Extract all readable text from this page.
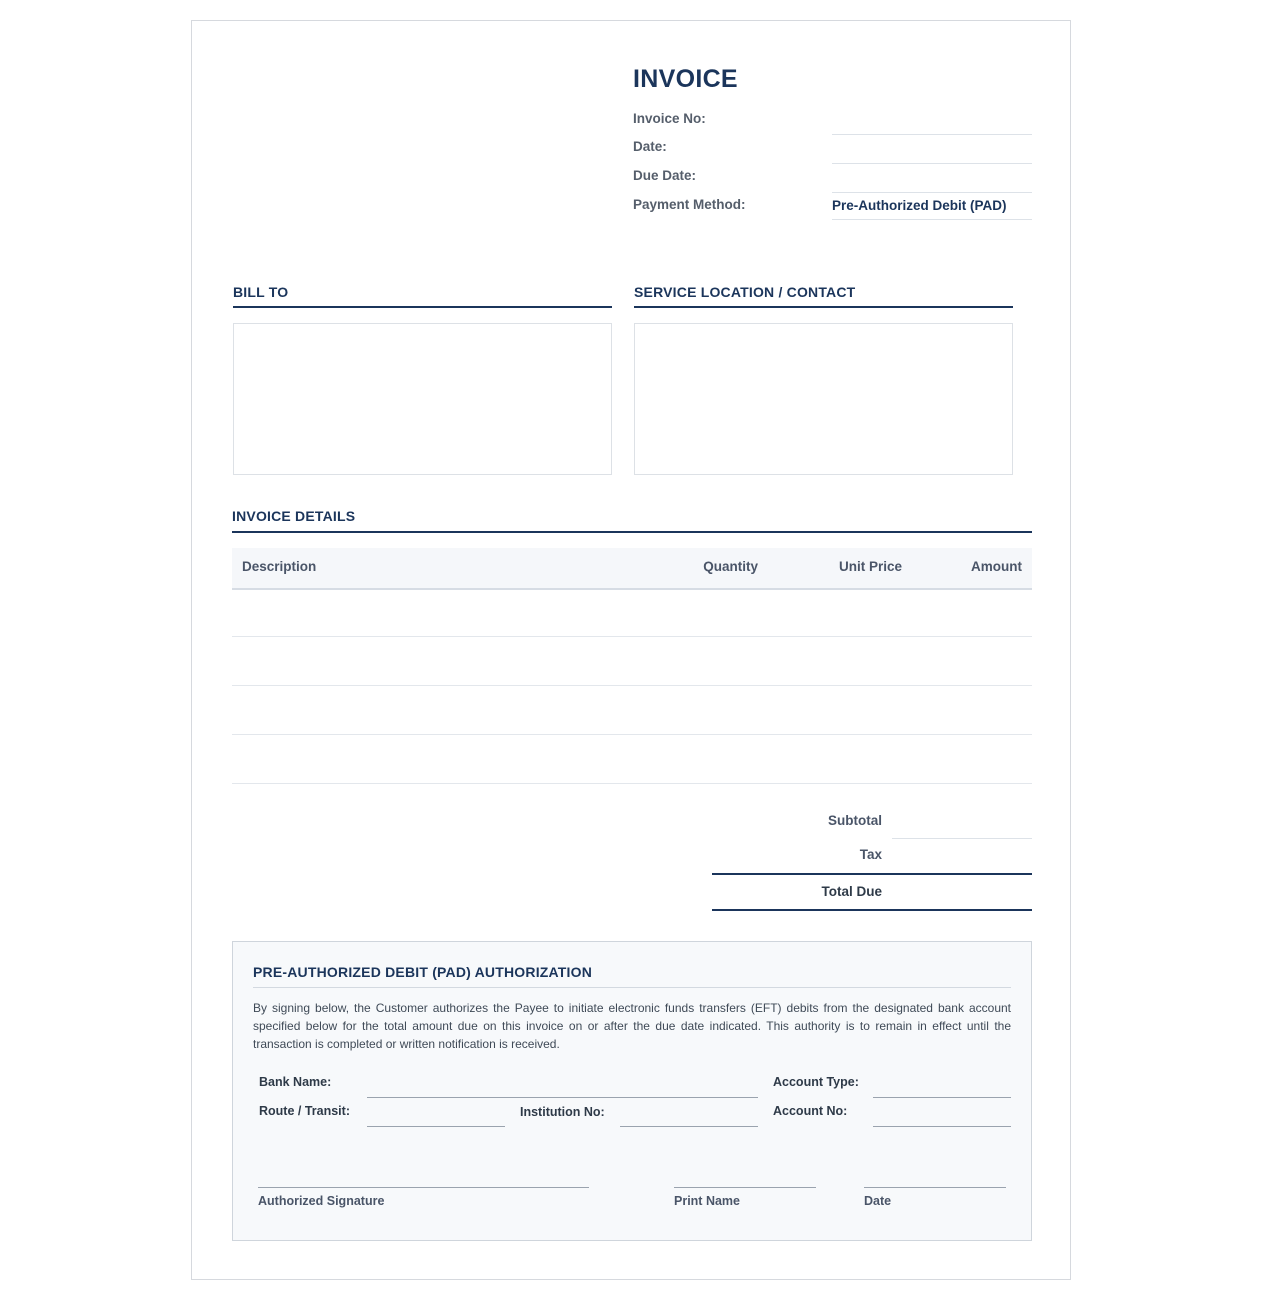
INVOICE
Invoice No:
Date:
Due Date:
Payment Method:	Pre-Authorized Debit (PAD)
BILL TO	SERVICE LOCATION / CONTACT
INVOICE DETAILS
Description	Quantity	Unit Price	Amount
Subtotal
Tax
Total Due
PRE-AUTHORIZED DEBIT (PAD) AUTHORIZATION
By signing below, the Customer authorizes the Payee to initiate electronic funds transfers (EFT) debits from the designated bank account specified below for the total amount due on this invoice on or after the due date indicated. This authority is to remain in effect until the transaction is completed or written notification is received.
Bank Name:	Account Type:
Route / Transit:	Institution No:	Account No:
Authorized Signature	Print Name	Date
